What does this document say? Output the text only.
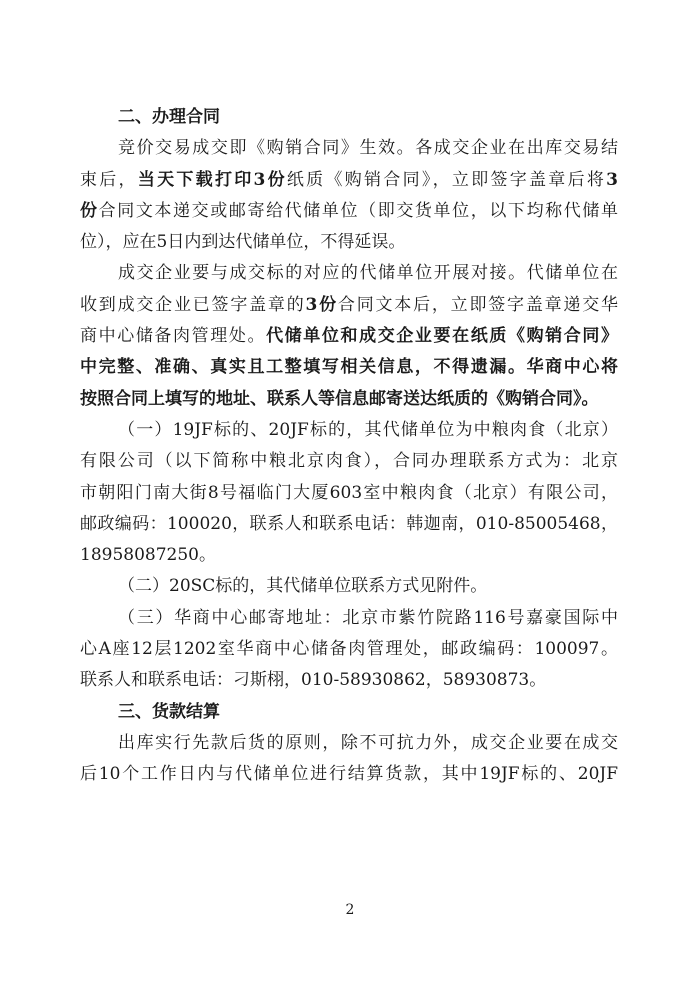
二、办理合同
竞价交易成交即《购销合同》生效。各成交企业在出库交易结
束后，当天下载打印3份纸质《购销合同》，立即签字盖章后将3
份合同文本递交或邮寄给代储单位（即交货单位，以下均称代储单
位），应在5日内到达代储单位，不得延误。
成交企业要与成交标的对应的代储单位开展对接。代储单位在
收到成交企业已签字盖章的3份合同文本后，立即签字盖章递交华
商中心储备肉管理处。代储单位和成交企业要在纸质《购销合同》
中完整、准确、真实且工整填写相关信息，不得遗漏。华商中心将
按照合同上填写的地址、联系人等信息邮寄送达纸质的《购销合同》。
（一）19JF标的、20JF标的，其代储单位为中粮肉食（北京）
有限公司（以下简称中粮北京肉食），合同办理联系方式为：北京
市朝阳门南大街8号福临门大厦603室中粮肉食（北京）有限公司，
邮政编码：100020，联系人和联系电话：韩迦南，010-85005468，
18958087250。
（二）20SC标的，其代储单位联系方式见附件。
（三）华商中心邮寄地址：北京市紫竹院路116号嘉豪国际中
心A座12层1202室华商中心储备肉管理处，邮政编码：100097。
联系人和联系电话：刁斯栩，010-58930862，58930873。
三、货款结算
出库实行先款后货的原则，除不可抗力外，成交企业要在成交
后10个工作日内与代储单位进行结算货款，其中19JF标的、20JF
2
